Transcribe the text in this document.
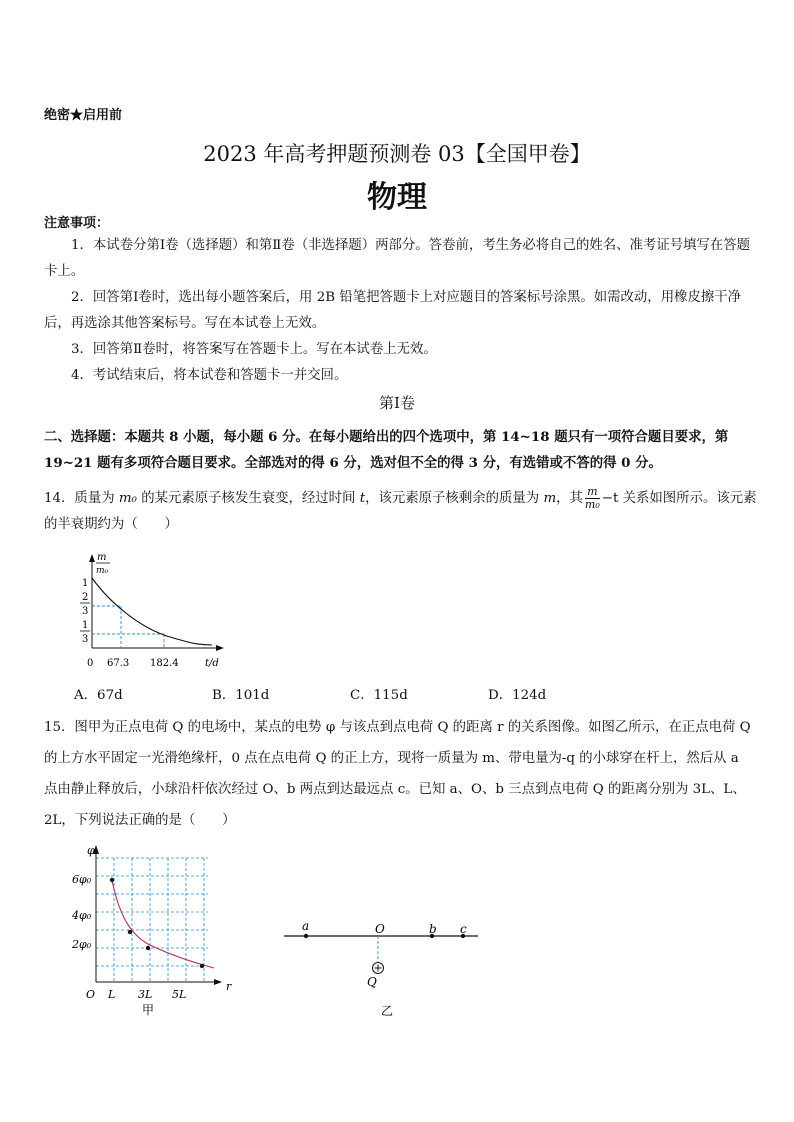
绝密★启用前
2023 年高考押题预测卷 03【全国甲卷】
物理
注意事项：
1．本试卷分第Ⅰ卷（选择题）和第Ⅱ卷（非选择题）两部分。答卷前，考生务必将自己的姓名、准考证号填写在答题卡上。
2．回答第Ⅰ卷时，选出每小题答案后，用 2B 铅笔把答题卡上对应题目的答案标号涂黑。如需改动，用橡皮擦干净后，再选涂其他答案标号。写在本试卷上无效。
3．回答第Ⅱ卷时，将答案写在答题卡上。写在本试卷上无效。
4．考试结束后，将本试卷和答题卡一并交回。
第Ⅰ卷
二、选择题：本题共 8 小题，每小题 6 分。在每小题给出的四个选项中，第 14~18 题只有一项符合题目要求，第 19~21 题有多项符合题目要求。全部选对的得 6 分，选对但不全的得 3 分，有选错或不答的得 0 分。
14．质量为 m₀ 的某元素原子核发生衰变，经过时间 t，该元素原子核剩余的质量为 m，其 $\frac{m}{\text{m₀}} -t$ 关系如图所示。该元素的半衰期约为（　　）
m
m₀
1
2
3
1
3
0 67.3 182.4	t/d
A．67d	B．101d	C．115d	D．124d
15．图甲为正点电荷 Q 的电场中，某点的电势 φ 与该点到点电荷 Q 的距离 r 的关系图像。如图乙所示，在正点电荷 Q 的上方水平固定一光滑绝缘杆，0 点在点电荷 Q 的正上方，现将一质量为 m、带电量为-q 的小球穿在杆上，然后从 a 点由静止释放后，小球沿杆依次经过 O、b 两点到达最远点 c。已知 a、O、b 三点到点电荷 Q 的距离分别为 3L、L、2L，下列说法正确的是（　　）
φ
6φ₀
4φ₀
2φ₀
O L 3L 5L
r
甲
a	O	b c
Q
乙
